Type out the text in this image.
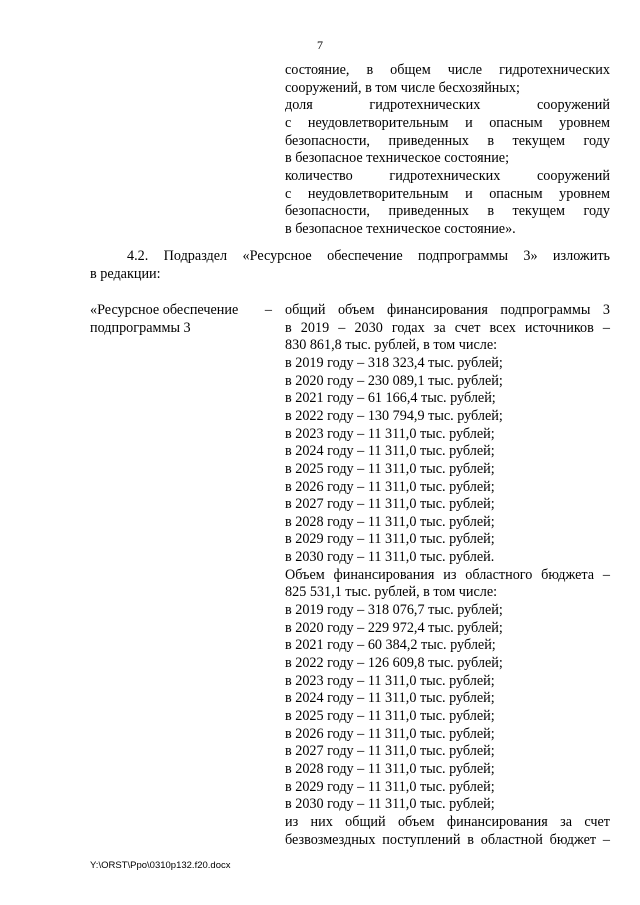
7
состояние, в общем числе гидротехнических
сооружений, в том числе бесхозяйных;
доля гидротехнических сооружений
с неудовлетворительным и опасным уровнем
безопасности, приведенных в текущем году
в безопасное техническое состояние;
количество гидротехнических сооружений
с неудовлетворительным и опасным уровнем
безопасности, приведенных в текущем году
в безопасное техническое состояние».
4.2. Подраздел «Ресурсное обеспечение подпрограммы 3» изложить
в редакции:
«Ресурсное обеспечение –
подпрограммы 3
общий объем финансирования подпрограммы 3
в 2019 – 2030 годах за счет всех источников –
830 861,8 тыс. рублей, в том числе:
в 2019 году – 318 323,4 тыс. рублей;
в 2020 году – 230 089,1 тыс. рублей;
в 2021 году – 61 166,4 тыс. рублей;
в 2022 году – 130 794,9 тыс. рублей;
в 2023 году – 11 311,0 тыс. рублей;
в 2024 году – 11 311,0 тыс. рублей;
в 2025 году – 11 311,0 тыс. рублей;
в 2026 году – 11 311,0 тыс. рублей;
в 2027 году – 11 311,0 тыс. рублей;
в 2028 году – 11 311,0 тыс. рублей;
в 2029 году – 11 311,0 тыс. рублей;
в 2030 году – 11 311,0 тыс. рублей.
Объем финансирования из областного бюджета –
825 531,1 тыс. рублей, в том числе:
в 2019 году – 318 076,7 тыс. рублей;
в 2020 году – 229 972,4 тыс. рублей;
в 2021 году – 60 384,2 тыс. рублей;
в 2022 году – 126 609,8 тыс. рублей;
в 2023 году – 11 311,0 тыс. рублей;
в 2024 году – 11 311,0 тыс. рублей;
в 2025 году – 11 311,0 тыс. рублей;
в 2026 году – 11 311,0 тыс. рублей;
в 2027 году – 11 311,0 тыс. рублей;
в 2028 году – 11 311,0 тыс. рублей;
в 2029 году – 11 311,0 тыс. рублей;
в 2030 году – 11 311,0 тыс. рублей;
из них общий объем финансирования за счет
безвозмездных поступлений в областной бюджет –
Y:\ORST\Ppo\0310p132.f20.docx
